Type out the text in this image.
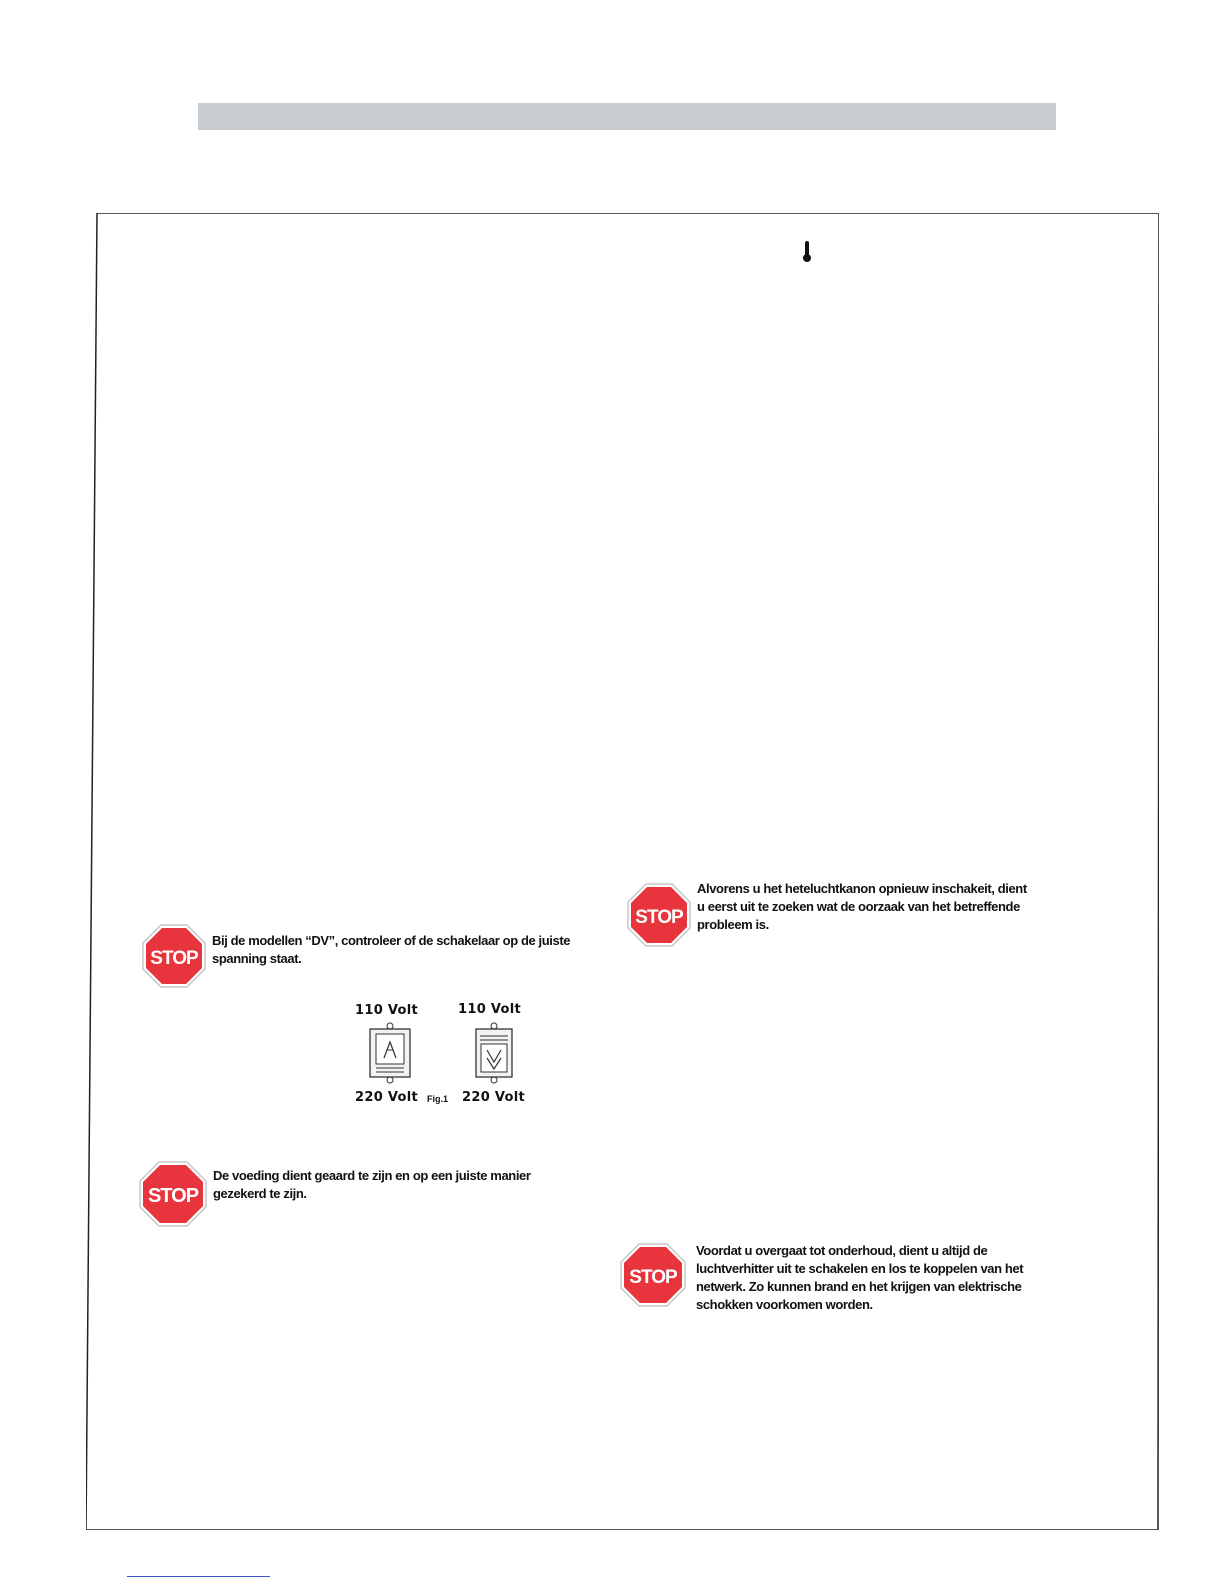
STOP
Bij de modellen “DV”, controleer of de schakelaar op de juiste spanning staat.
110 Volt	110 Volt
220 Volt Fig.1 220 Volt
STOP
De voeding dient geaard te zijn en op een juiste manier gezekerd te zijn.
STOP
Alvorens u het heteluchtkanon opnieuw inschakeit, dient u eerst uit te zoeken wat de oorzaak van het betreffende probleem is.
STOP
Voordat u overgaat tot onderhoud, dient u altijd de luchtverhitter uit te schakelen en los te koppelen van het netwerk. Zo kunnen brand en het krijgen van elektrische schokken voorkomen worden.
